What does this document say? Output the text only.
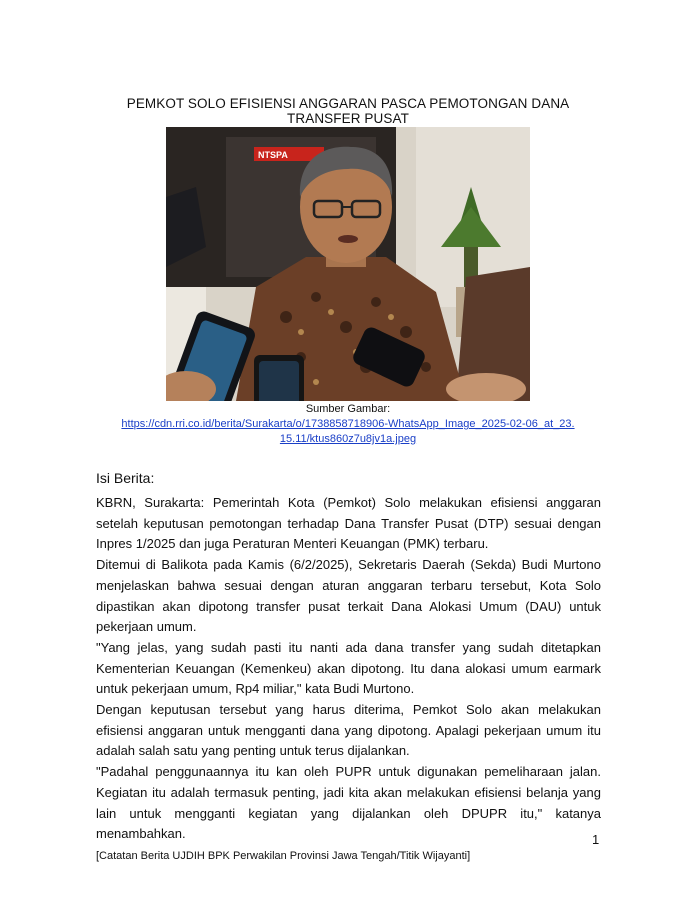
PEMKOT SOLO EFISIENSI ANGGARAN PASCA PEMOTONGAN DANA TRANSFER PUSAT
NTSPA
Sumber Gambar:
https://cdn.rri.co.id/berita/Surakarta/o/1738858718906-WhatsApp_Image_2025-02-06_at_23.15.11/ktus860z7u8jv1a.jpeg
Isi Berita:

KBRN, Surakarta: Pemerintah Kota (Pemkot) Solo melakukan efisiensi anggaran setelah keputusan pemotongan terhadap Dana Transfer Pusat (DTP) sesuai dengan Inpres 1/2025 dan juga Peraturan Menteri Keuangan (PMK) terbaru.

Ditemui di Balikota pada Kamis (6/2/2025), Sekretaris Daerah (Sekda) Budi Murtono menjelaskan bahwa sesuai dengan aturan anggaran terbaru tersebut, Kota Solo dipastikan akan dipotong transfer pusat terkait Dana Alokasi Umum (DAU) untuk pekerjaan umum.

"Yang jelas, yang sudah pasti itu nanti ada dana transfer yang sudah ditetapkan Kementerian Keuangan (Kemenkeu) akan dipotong. Itu dana alokasi umum earmark untuk pekerjaan umum, Rp4 miliar," kata Budi Murtono.

Dengan keputusan tersebut yang harus diterima, Pemkot Solo akan melakukan efisiensi anggaran untuk mengganti dana yang dipotong. Apalagi pekerjaan umum itu adalah salah satu yang penting untuk terus dijalankan.

"Padahal penggunaannya itu kan oleh PUPR untuk digunakan pemeliharaan jalan. Kegiatan itu adalah termasuk penting, jadi kita akan melakukan efisiensi belanja yang lain untuk mengganti kegiatan yang dijalankan oleh DPUPR itu," katanya menambahkan.	1
[Catatan Berita UJDIH BPK Perwakilan Provinsi Jawa Tengah/Titik Wijayanti]
